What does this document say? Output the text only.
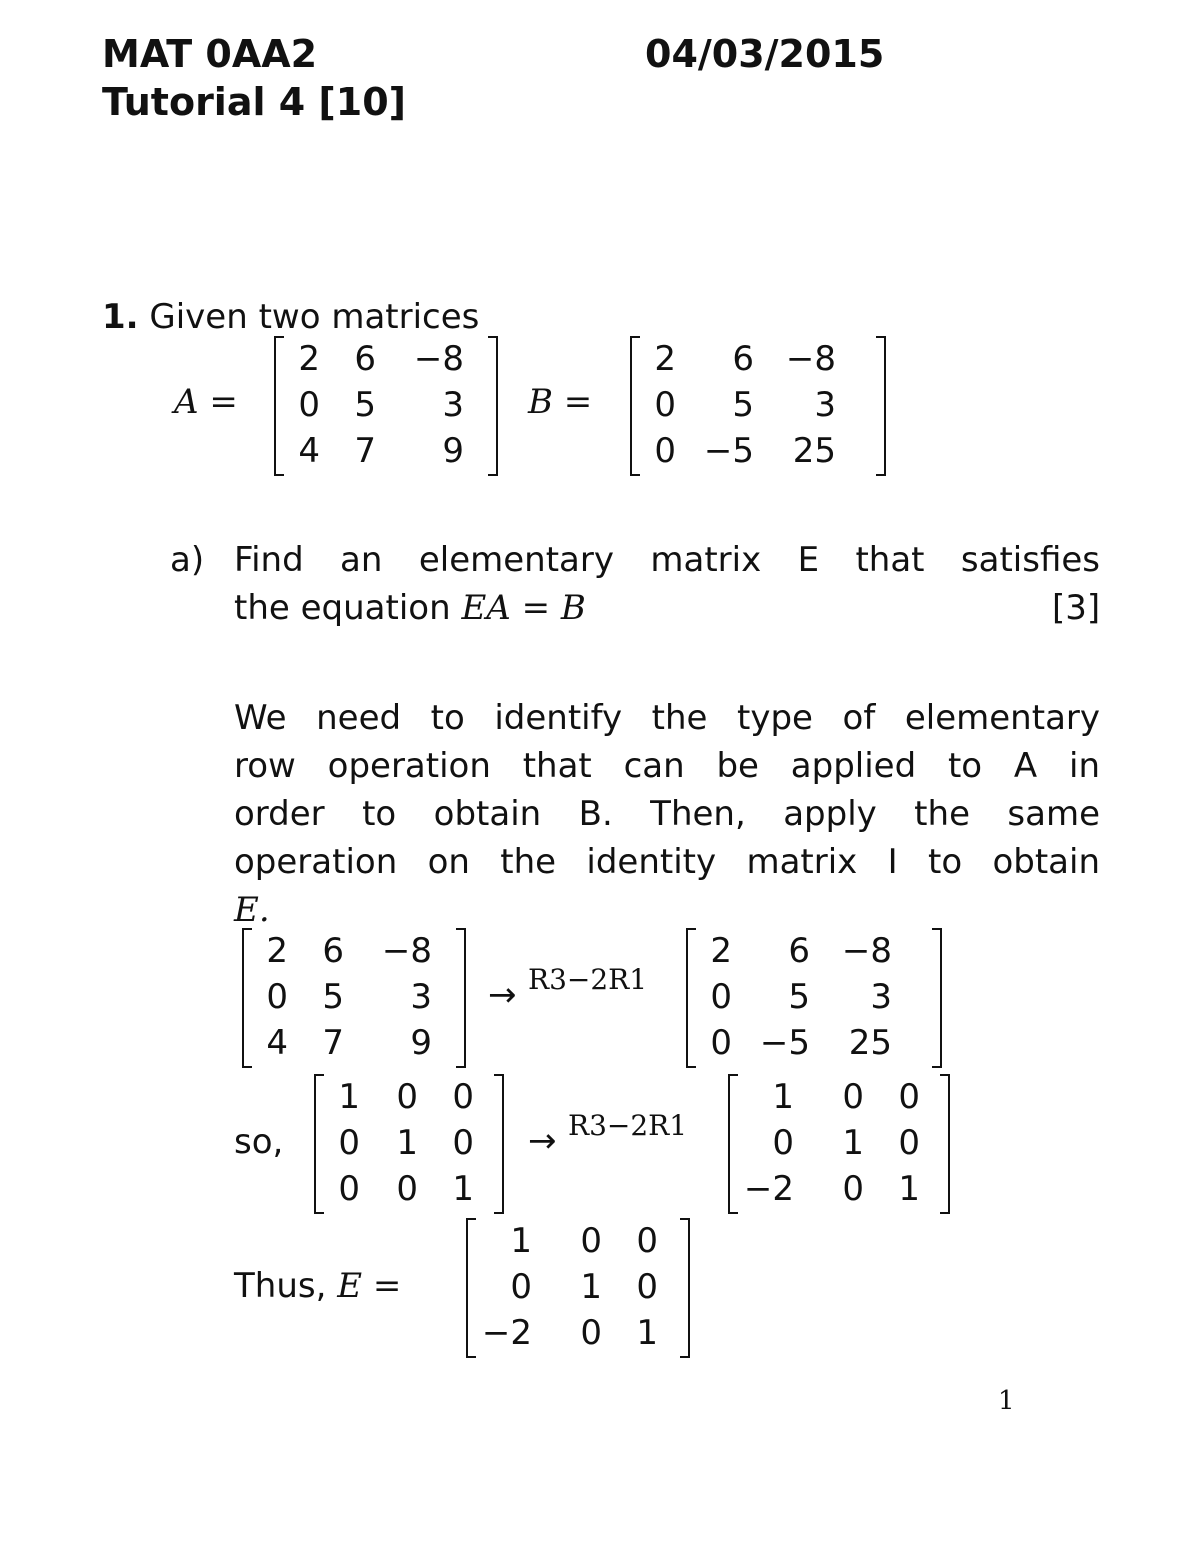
MAT 0AA2	04/03/2015
Tutorial 4 [10]
1. Given two matrices
A =
2 6 −8
0 5 3
4 7 9
B =
2 6 −8
0 5 3
0 −5 25
a) Find an elementary matrix E that satisfies
the equation EA = B	[3]
We need to identify the type of elementary
row operation that can be applied to A in
order to obtain B. Then, apply the same
operation on the identity matrix I to obtain
E.
2 6 −8
0 5 3
4 7 9
→ R3−2R1
2 6 −8
0 5 3
0 −5 25
so,
1 0 0
0 1 0
0 0 1
→ R3−2R1
1 0 0
0 1 0
−2 0 1
Thus, E =
1 0 0
0 1 0
−2 0 1
1
